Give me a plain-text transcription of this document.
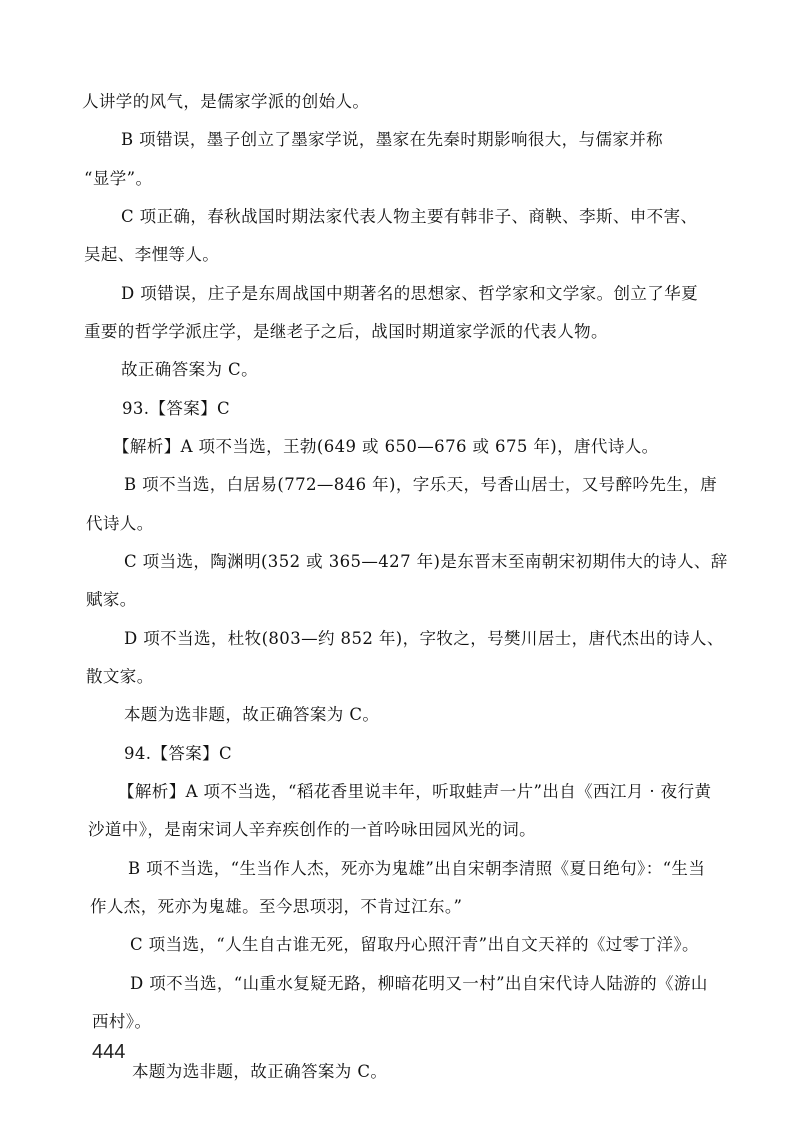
人讲学的风气，是儒家学派的创始人。
B 项错误，墨子创立了墨家学说，墨家在先秦时期影响很大，与儒家并称
“显学”。
C 项正确，春秋战国时期法家代表人物主要有韩非子、商鞅、李斯、申不害、
吴起、李悝等人。
D 项错误，庄子是东周战国中期著名的思想家、哲学家和文学家。创立了华夏
重要的哲学学派庄学，是继老子之后，战国时期道家学派的代表人物。
故正确答案为 C。
93.【答案】C
【解析】A 项不当选，王勃(649 或 650—676 或 675 年)，唐代诗人。
B 项不当选，白居易(772—846 年)，字乐天，号香山居士，又号醉吟先生，唐
代诗人。
C 项当选，陶渊明(352 或 365—427 年)是东晋末至南朝宋初期伟大的诗人、辞
赋家。
D 项不当选，杜牧(803—约 852 年)，字牧之，号樊川居士，唐代杰出的诗人、
散文家。
本题为选非题，故正确答案为 C。
94.【答案】C
【解析】A 项不当选，“稻花香里说丰年，听取蛙声一片”出自《西江月 · 夜行黄
沙道中》，是南宋词人辛弃疾创作的一首吟咏田园风光的词。
B 项不当选，“生当作人杰，死亦为鬼雄”出自宋朝李清照《夏日绝句》：“生当
作人杰，死亦为鬼雄。至今思项羽，不肯过江东。”
C 项当选，“人生自古谁无死，留取丹心照汗青”出自文天祥的《过零丁洋》。
D 项不当选，“山重水复疑无路，柳暗花明又一村”出自宋代诗人陆游的《游山
西村》。
本题为选非题，故正确答案为 C。
444
